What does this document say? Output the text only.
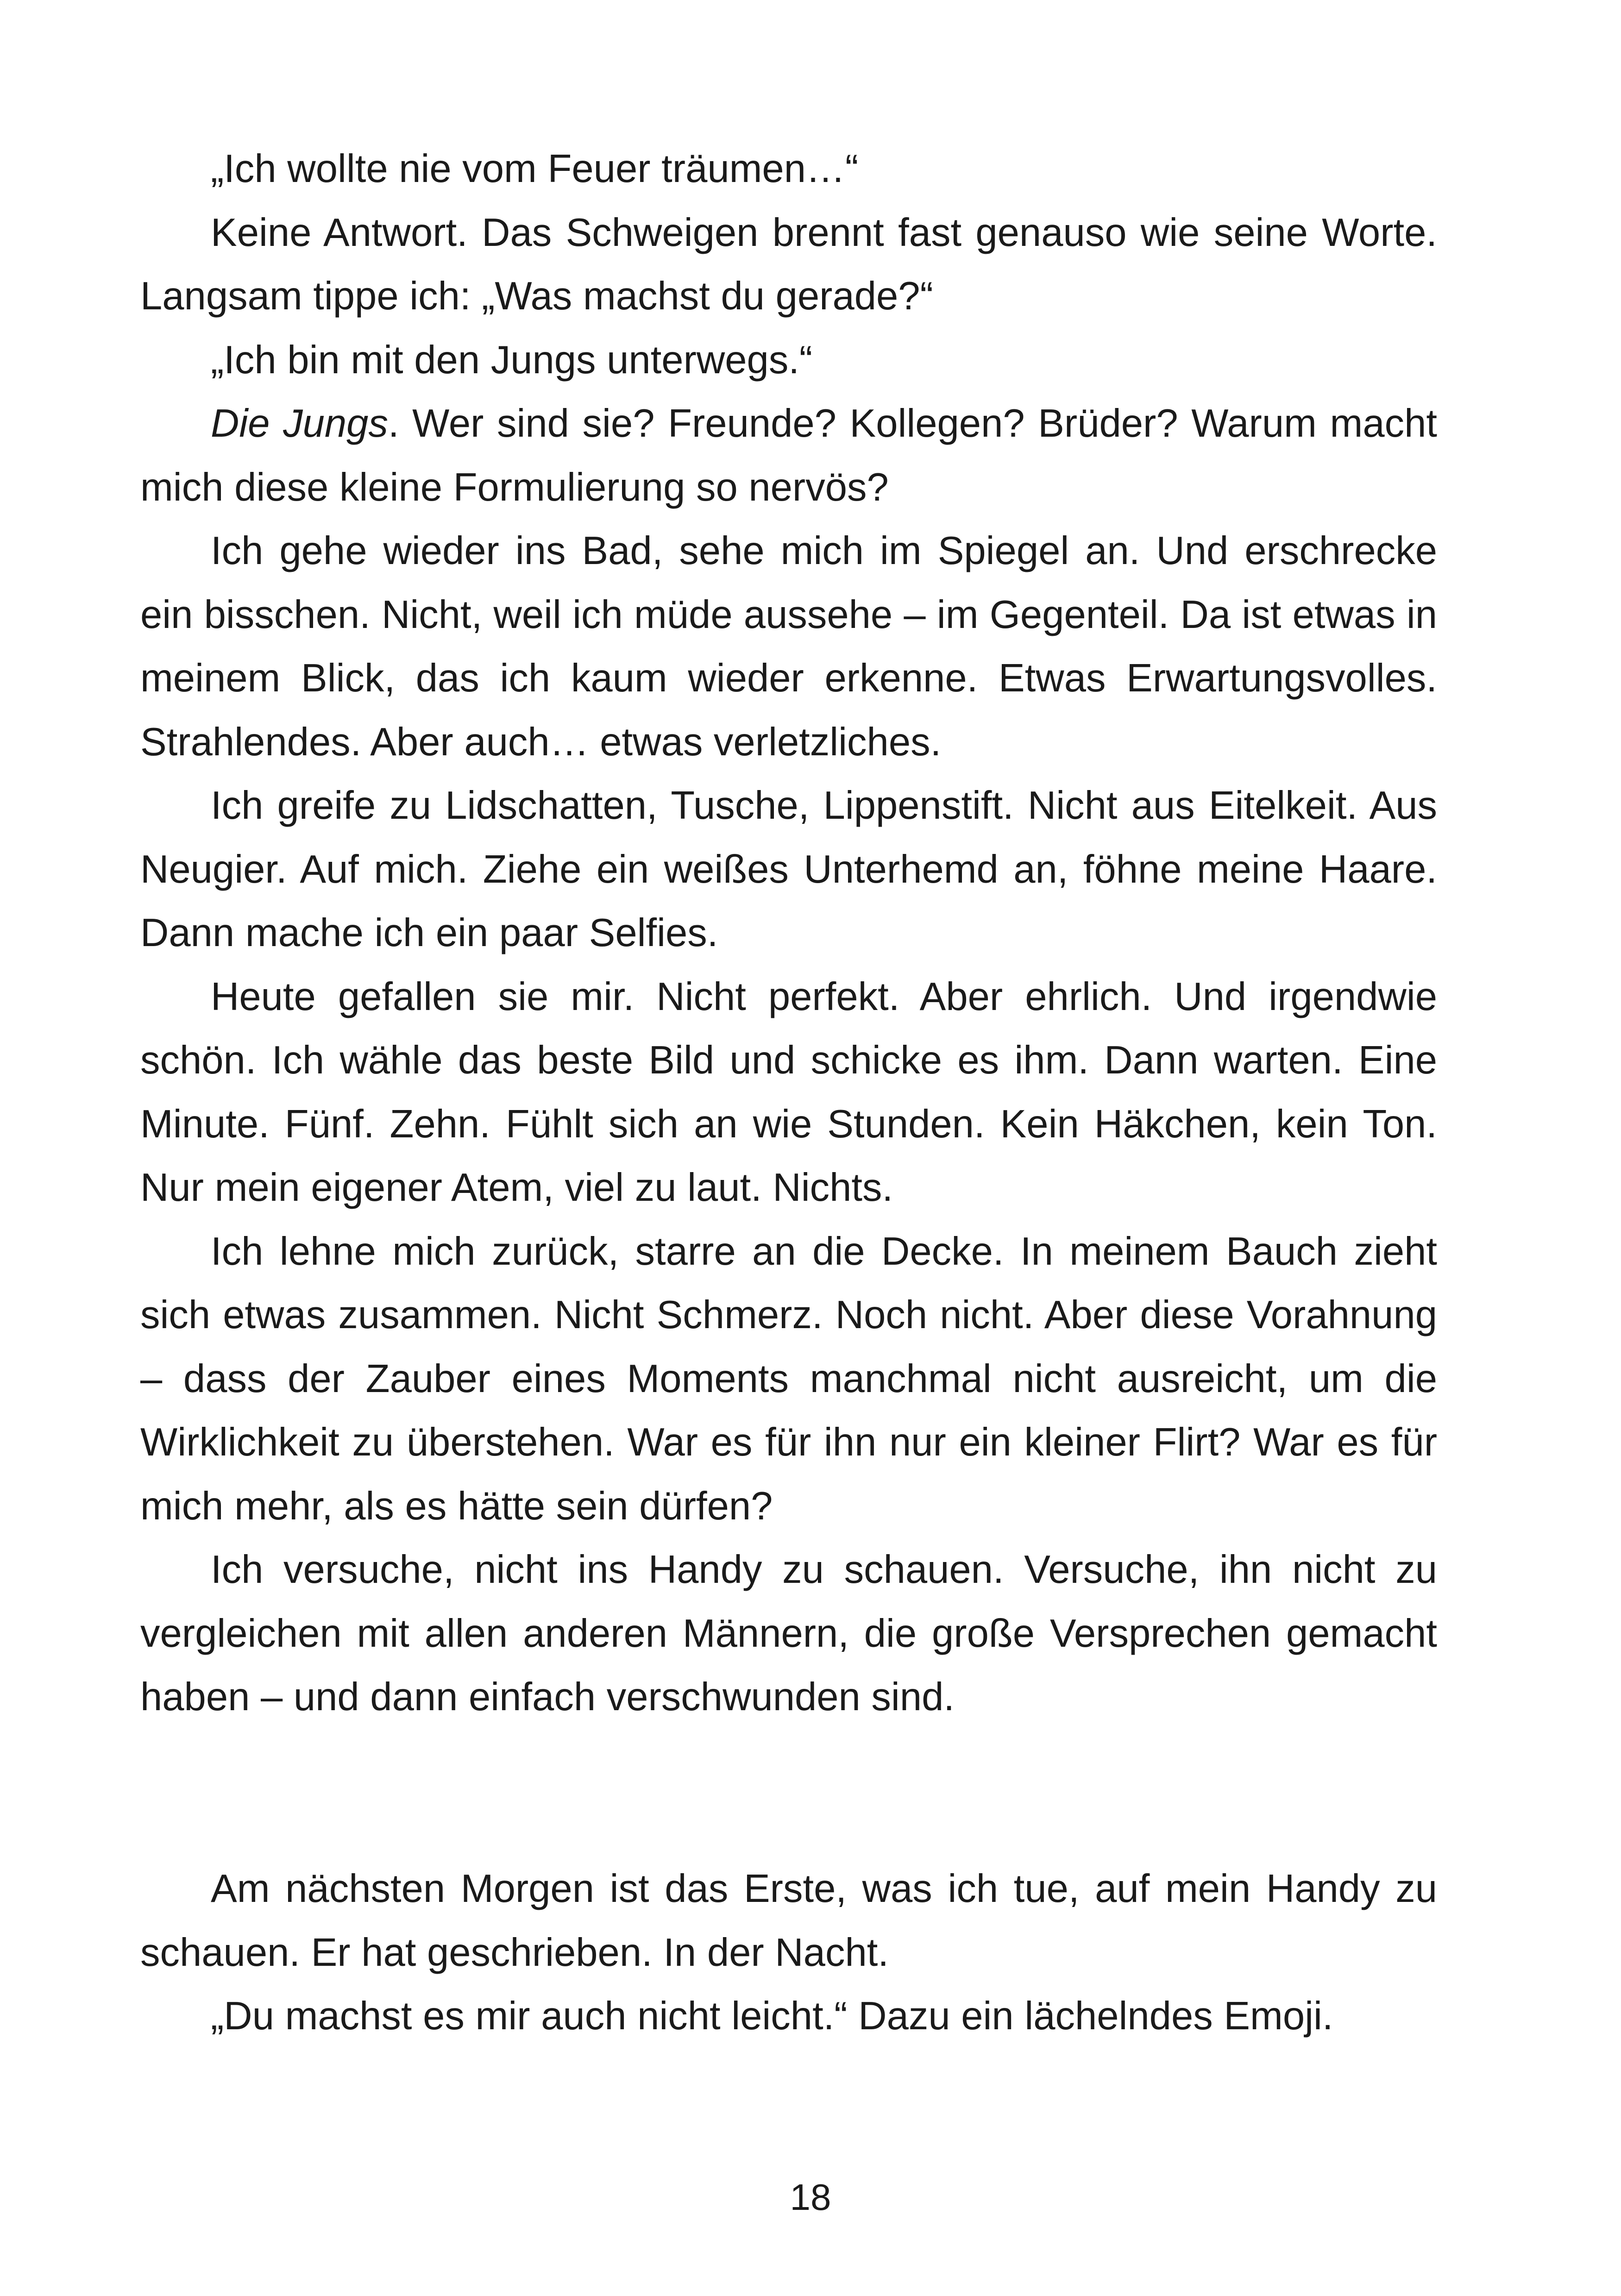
„Ich wollte nie vom Feuer träumen…“

Keine Antwort. Das Schweigen brennt fast genauso wie seine Worte. Langsam tippe ich: „Was machst du gerade?“

„Ich bin mit den Jungs unterwegs.“

Die Jungs. Wer sind sie? Freunde? Kollegen? Brüder? Warum macht mich diese kleine Formulierung so nervös?

Ich gehe wieder ins Bad, sehe mich im Spiegel an. Und erschrecke ein bisschen. Nicht, weil ich müde aussehe – im Gegenteil. Da ist etwas in meinem Blick, das ich kaum wieder erkenne. Etwas Erwartungsvolles. Strahlendes. Aber auch… etwas verletzliches.

Ich greife zu Lidschatten, Tusche, Lippenstift. Nicht aus Eitelkeit. Aus Neugier. Auf mich. Ziehe ein weißes Unterhemd an, föhne meine Haare. Dann mache ich ein paar Selfies.

Heute gefallen sie mir. Nicht perfekt. Aber ehrlich. Und irgendwie schön. Ich wähle das beste Bild und schicke es ihm. Dann warten. Eine Minute. Fünf. Zehn. Fühlt sich an wie Stunden. Kein Häkchen, kein Ton. Nur mein eigener Atem, viel zu laut. Nichts.

Ich lehne mich zurück, starre an die Decke. In meinem Bauch zieht sich etwas zusammen. Nicht Schmerz. Noch nicht. Aber diese Vorahnung – dass der Zauber eines Moments manchmal nicht ausreicht, um die Wirklichkeit zu überstehen. War es für ihn nur ein kleiner Flirt? War es für mich mehr, als es hätte sein dürfen?

Ich versuche, nicht ins Handy zu schauen. Versuche, ihn nicht zu vergleichen mit allen anderen Männern, die große Versprechen gemacht haben – und dann einfach verschwunden sind.

Am nächsten Morgen ist das Erste, was ich tue, auf mein Handy zu schauen. Er hat geschrieben. In der Nacht.

„Du machst es mir auch nicht leicht.“ Dazu ein lächelndes Emoji.

18
